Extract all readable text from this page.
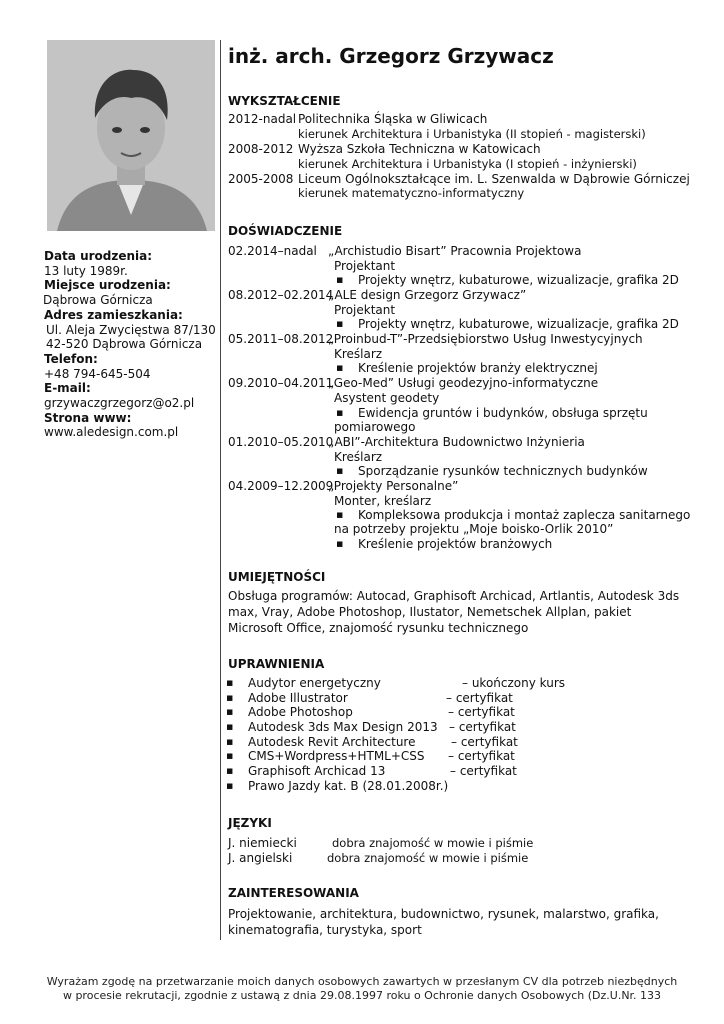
Data urodzenia:
13 luty 1989r.
Miejsce urodzenia:
Dąbrowa Górnicza
Adres zamieszkania:
Ul. Aleja Zwycięstwa 87/130
42-520 Dąbrowa Górnicza
Telefon:
+48 794-645-504
E-mail:
grzywaczgrzegorz@o2.pl
Strona www:
www.aledesign.com.pl
inż. arch. Grzegorz Grzywacz
WYKSZTAŁCENIE
2012-nadal Politechnika Śląska w Gliwicach
kierunek Architektura i Urbanistyka (II stopień - magisterski)
2008-2012 Wyższa Szkoła Techniczna w Katowicach
kierunek Architektura i Urbanistyka (I stopień - inżynierski)
2005-2008 Liceum Ogólnokształcące im. L. Szenwalda w Dąbrowie Górniczej
kierunek matematyczno-informatyczny
DOŚWIADCZENIE
02.2014–nadal „Archistudio Bisart” Pracownia Projektowa
Projektant
▪ Projekty wnętrz, kubaturowe, wizualizacje, grafika 2D
08.2012–02.2014
„ALE design Grzegorz Grzywacz”
Projektant
▪ Projekty wnętrz, kubaturowe, wizualizacje, grafika 2D
05.2011–08.2012
„Proinbud-T”-Przedsiębiorstwo Usług Inwestycyjnych
Kreślarz
▪ Kreślenie projektów branży elektrycznej
09.2010–04.2011
„Geo-Med” Usługi geodezyjno-informatyczne
Asystent geodety
▪ Ewidencja gruntów i budynków, obsługa sprzętu
pomiarowego
01.2010–05.2010
„ABI”-Architektura Budownictwo Inżynieria
Kreślarz
▪ Sporządzanie rysunków technicznych budynków
04.2009–12.2009
„Projekty Personalne”
Monter, kreślarz
▪ Kompleksowa produkcja i montaż zaplecza sanitarnego
na potrzeby projektu „Moje boisko-Orlik 2010”
▪ Kreślenie projektów branżowych
UMIEJĘTNOŚCI
Obsługa programów: Autocad, Graphisoft Archicad, Artlantis, Autodesk 3ds max, Vray, Adobe Photoshop, Ilustator, Nemetschek Allplan, pakiet Microsoft Office, znajomość rysunku technicznego
UPRAWNIENIA
▪ Audytor energetyczny	– ukończony kurs
▪ Adobe Illustrator	– certyfikat
▪ Adobe Photoshop	– certyfikat
▪ Autodesk 3ds Max Design 2013 – certyfikat
▪ Autodesk Revit Architecture	– certyfikat
▪ CMS+Wordpress+HTML+CSS – certyfikat
▪ Graphisoft Archicad 13	– certyfikat
▪ Prawo Jazdy kat. B (28.01.2008r.)
JĘZYKI
J. niemiecki	dobra znajomość w mowie i piśmie
J. angielski	dobra znajomość w mowie i piśmie
ZAINTERESOWANIA
Projektowanie, architektura, budownictwo, rysunek, malarstwo, grafika, kinematografia, turystyka, sport
Wyrażam zgodę na przetwarzanie moich danych osobowych zawartych w przesłanym CV dla potrzeb niezbędnych
w procesie rekrutacji, zgodnie z ustawą z dnia 29.08.1997 roku o Ochronie danych Osobowych (Dz.U.Nr. 133
